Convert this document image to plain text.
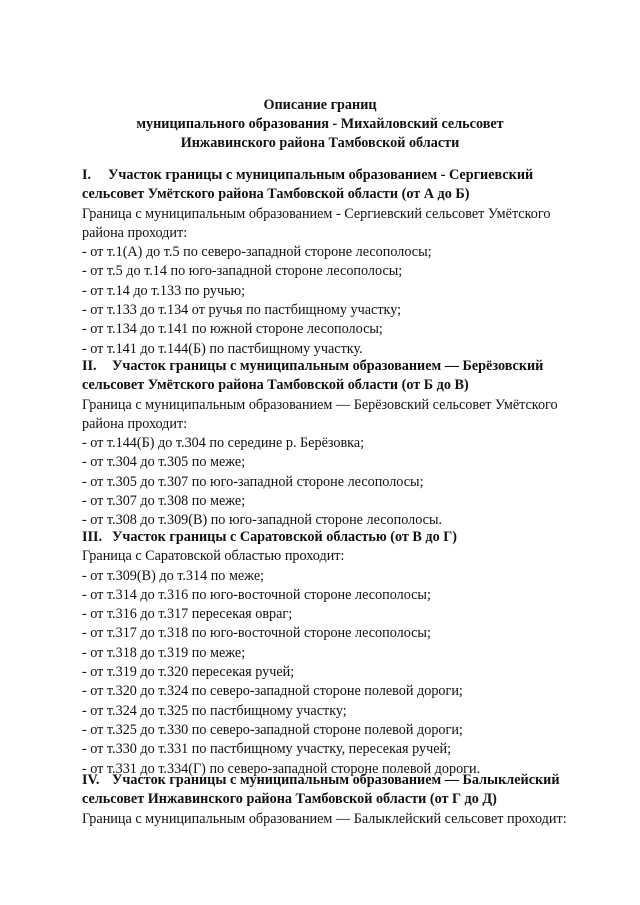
Описание границ
муниципального образования - Михайловский сельсовет
Инжавинского района Тамбовской области
I. Участок границы с муниципальным образованием - Сергиевский
сельсовет Умётского района Тамбовской области (от А до Б)
Граница с муниципальным образованием - Сергиевский сельсовет Умётского
района проходит:
- от т.1(А) до т.5 по северо-западной стороне лесополосы;
- от т.5 до т.14 по юго-западной стороне лесополосы;
- от т.14 до т.133 по ручью;
- от т.133 до т.134 от ручья по пастбищному участку;
- от т.134 до т.141 по южной стороне лесополосы;
- от т.141 до т.144(Б) по пастбищному участку.
II. Участок границы с муниципальным образованием — Берёзовский
сельсовет Умётского района Тамбовской области (от Б до В)
Граница с муниципальным образованием — Берёзовский сельсовет Умётского
района проходит:
- от т.144(Б) до т.304 по середине р. Берёзовка;
- от т.304 до т.305 по меже;
- от т.305 до т.307 по юго-западной стороне лесополосы;
- от т.307 до т.308 по меже;
- от т.308 до т.309(В) по юго-западной стороне лесополосы.
III. Участок границы с Саратовской областью (от В до Г)
Граница с Саратовской областью проходит:
- от т.309(В) до т.314 по меже;
- от т.314 до т.316 по юго-восточной стороне лесополосы;
- от т.316 до т.317 пересекая овраг;
- от т.317 до т.318 по юго-восточной стороне лесополосы;
- от т.318 до т.319 по меже;
- от т.319 до т.320 пересекая ручей;
- от т.320 до т.324 по северо-западной стороне полевой дороги;
- от т.324 до т.325 по пастбищному участку;
- от т.325 до т.330 по северо-западной стороне полевой дороги;
- от т.330 до т.331 по пастбищному участку, пересекая ручей;
- от т.331 до т.334(Г) по северо-западной стороне полевой дороги.
IV. Участок границы с муниципальным образованием — Балыклейский
сельсовет Инжавинского района Тамбовской области (от Г до Д)
Граница с муниципальным образованием — Балыклейский сельсовет проходит:
